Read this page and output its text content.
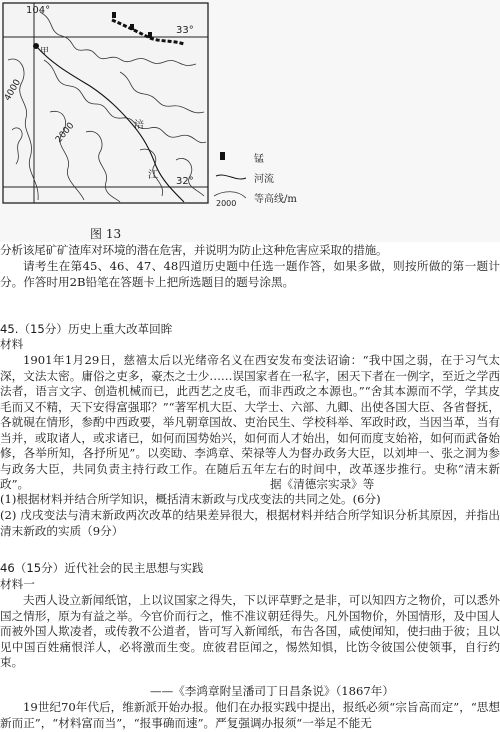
104°
33°
32°
甲
4000
2000	涪
江
锰
河流
2000 等高线/m
图 13
分析该尾矿矿渣库对环境的潜在危害，并说明为防止这种危害应采取的措施。

请考生在第45、46、47、48四道历史题中任选一题作答，如果多做，则按所做的第一题计分。作答时用2B铅笔在答题卡上把所选题目的题号涂黑。

45.（15分）历史上重大改革回眸
材料

1901年1月29日，慈禧太后以光绪帝名义在西安发布变法诏谕：“我中国之弱，在于习气太深，文法太密。庸俗之吏多，豪杰之士少……误国家者在一私字，困天下者在一例字，至近之学西法者，语言文字、创造机械而已，此西艺之皮毛，而非西政之本源也。”“舍其本源而不学，学其皮毛而又不精，天下安得富强耶？”“著军机大臣、大学士、六部、九卿、出使各国大臣、各省督抚，各就硯在情形，参酌中西政要，举凡朝章国故、吏治民生、学校科举、军政时政，当因当革，当有当并，或取诸人，或求诸已，如何而国势始兴，如何而人才始出，如何而度支始裕，如何而武备始修，各举所知，各抒所见”。以奕劻、李鸿章、荣禄等人为督办政务大臣，以刘坤一、张之洞为参与政务大臣，共同负责主持行政工作。在随后五年左右的时间中，改革逐步推行。史称“清末新政”。	据《清德宗实录》等
(1)根据材料并结合所学知识，概括清末新政与戊戌变法的共同之处。(6分)

(2) 戊戌变法与清末新政两次改革的结果差异很大，根据材料并结合所学知识分析其原因，并指出清末新政的实质（9分）

46（15分）近代社会的民主思想与实践
材料一

夫西人设立新闻纸馆，上以议国家之得失，下以评草野之是非，可以知四方之物价，可以悉外国之情形，原为有益之举。今官价而行之，惟不准议朝廷得失。凡外国物价，外国情形，及中国人而被外国人欺凌者，或传教不公道者，皆可写入新闻纸，布告各国，咸使闻知，使扫曲于彼；且以见中国百姓痛恨洋人，必将激而生变。庶彼君臣闻之，惕然知惧，比饬令彼国公使领事，自行约束。

——《李鸿章附呈潘司丁日昌条说》（1867年）

19世纪70年代后，维新派开始办报。他们在办报实践中提出，报纸必须“宗旨高而定”，“思想新而正”，“材料富而当”，“报事确而速”。严复强调办报须“一举足不能无
